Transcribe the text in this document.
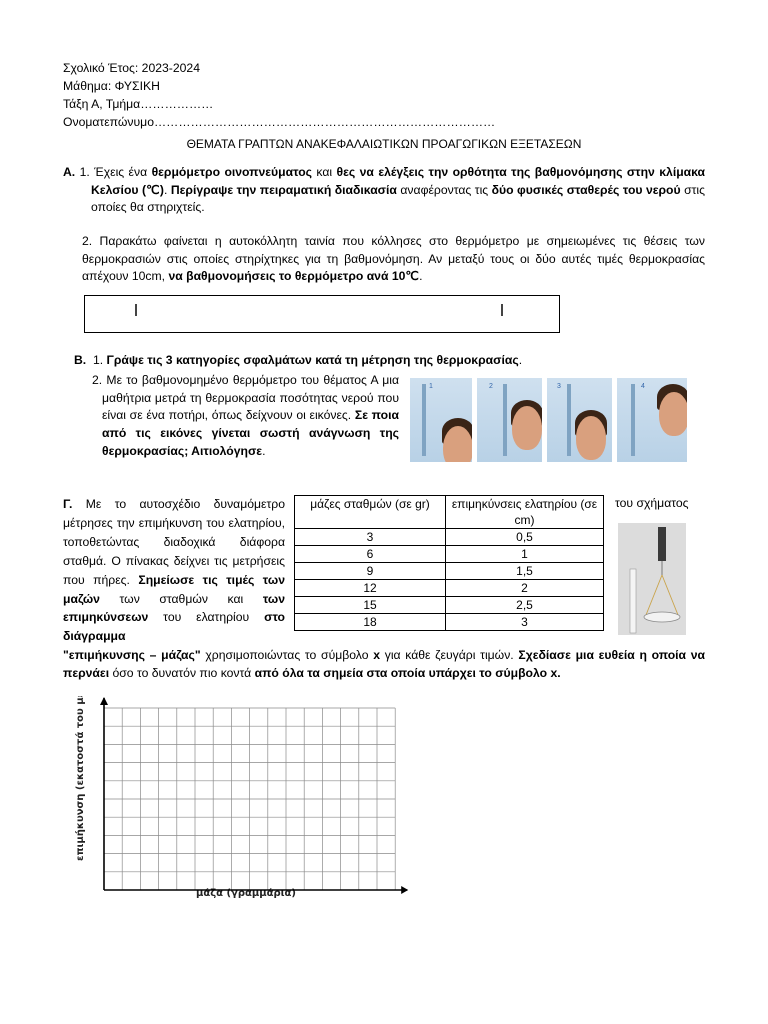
Σχολικό Έτος: 2023-2024
Μάθημα: ΦΥΣΙΚΗ
Τάξη Α, Τμήμα………………
Ονοματεπώνυμο…………………………………………………………………………
ΘΕΜΑΤΑ ΓΡΑΠΤΩΝ ΑΝΑΚΕΦΑΛΑΙΩΤΙΚΩΝ ΠΡΟΑΓΩΓΙΚΩΝ ΕΞΕΤΑΣΕΩΝ

Α. 1. Έχεις ένα θερμόμετρο οινοπνεύματος και θες να ελέγξεις την ορθότητα της βαθμονόμησης στην κλίμακα Κελσίου (℃). Περίγραψε την πειραματική διαδικασία αναφέροντας τις δύο φυσικές σταθερές του νερού στις οποίες θα στηριχτείς.

2. Παρακάτω φαίνεται η αυτοκόλλητη ταινία που κόλλησες στο θερμόμετρο με σημειωμένες τις θέσεις των θερμοκρασιών στις οποίες στηρίχτηκες για τη βαθμονόμηση. Αν μεταξύ τους οι δύο αυτές τιμές θερμοκρασίας απέχουν 10cm, να βαθμονομήσεις το θερμόμετρο ανά 10℃.

Β. 1. Γράψε τις 3 κατηγορίες σφαλμάτων κατά τη μέτρηση της θερμοκρασίας.

2. Με το βαθμονομημένο θερμόμετρο του θέματος Α μια μαθήτρια μετρά τη θερμοκρασία ποσότητας νερού που είναι σε ένα ποτήρι, όπως δείχνουν οι εικόνες. Σε ποια από τις εικόνες γίνεται σωστή ανάγνωση της θερμοκρασίας; Αιτιολόγησε.

1	2	3	4

Γ. Με το αυτοσχέδιο δυναμόμετρο μέτρησες την επιμήκυνση του ελατηρίου, τοποθετώντας διαδοχικά διάφορα σταθμά. Ο πίνακας δείχνει τις μετρήσεις που πήρες. Σημείωσε τις τιμές των μαζών των σταθμών και των επιμηκύνσεων του ελατηρίου στο διάγραμμα

του σχήματος
μάζες σταθμών (σε gr)	επιμηκύνσεις ελατηρίου (σε cm)
3	0,5
6	1
9	1,5
12	2
15	2,5
18	3

"επιμήκυνσης – μάζας" χρησιμοποιώντας το σύμβολο x για κάθε ζευγάρι τιμών. Σχεδίασε μια ευθεία η οποία να περνάει όσο το δυνατόν πιο κοντά από όλα τα σημεία στα οποία υπάρχει το σύμβολο x.

επιμήκυνση (εκατοστά του μέτρου)
μάζα (γραμμάρια)
